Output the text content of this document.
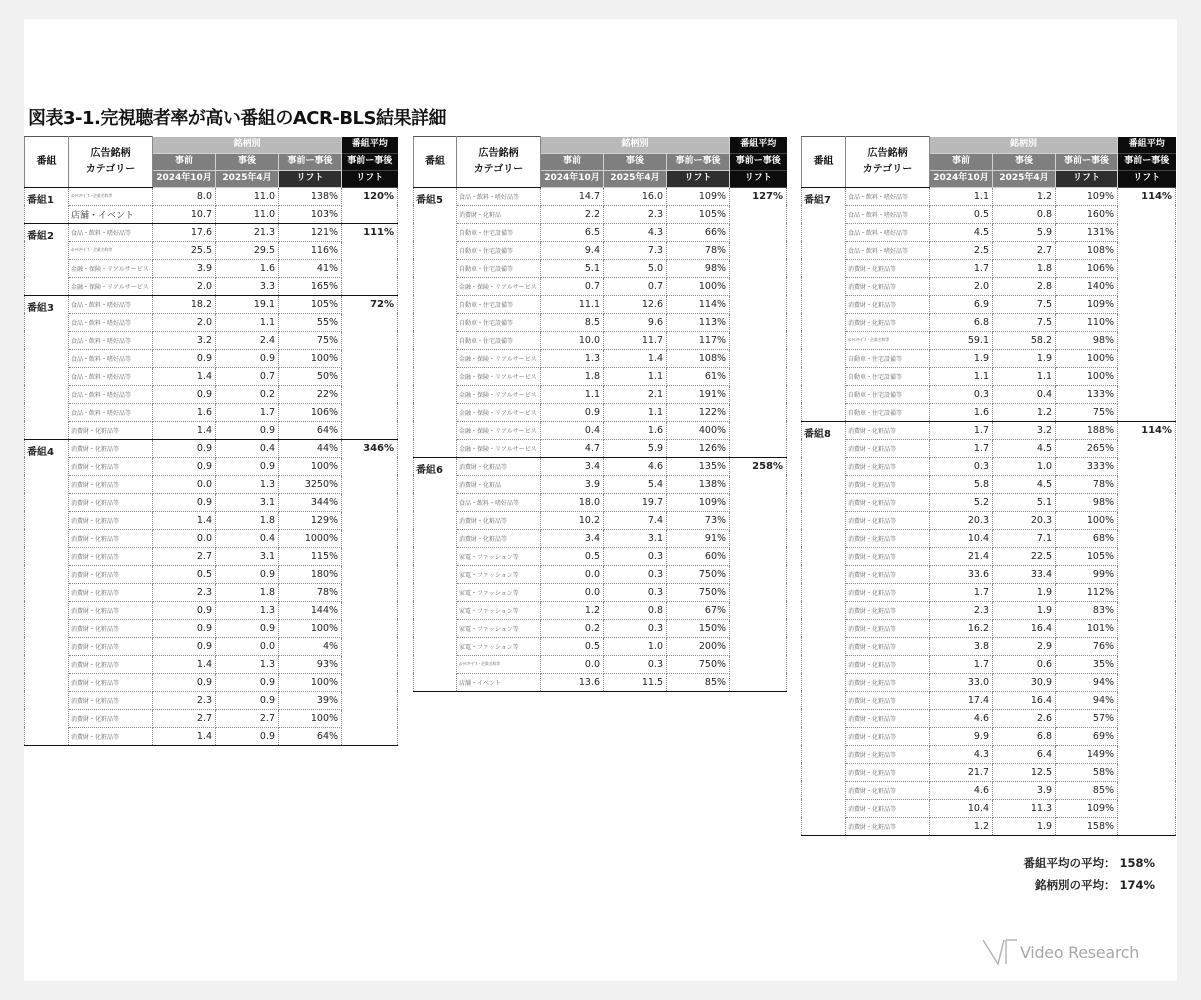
図表3-1.完視聴者率が高い番組のACR-BLS結果詳細
番組	広告銘柄
カテゴリー	銘柄別			番組平均
		事前	事後	事前ー事後	事前ー事後
		2024年10月	2025年4月	リフト	リフト
番組1	ｵﾝﾗｲﾝｻｰﾋﾞｽ・企業名称等	8.0	11.0	138%	120%
	店舗・イベント	10.7	11.0	103%	
番組2	食品・飲料・嗜好品等	17.6	21.3	121%	111%
	ｵﾝﾗｲﾝｻｰﾋﾞｽ・企業名称等	25.5	29.5	116%	
	金融・保険・リアルサービス	3.9	1.6	41%	
	金融・保険・リアルサービス	2.0	3.3	165%	
番組3	食品・飲料・嗜好品等	18.2	19.1	105%	72%
	食品・飲料・嗜好品等	2.0	1.1	55%	
	食品・飲料・嗜好品等	3.2	2.4	75%	
	食品・飲料・嗜好品等	0.9	0.9	100%	
	食品・飲料・嗜好品等	1.4	0.7	50%	
	食品・飲料・嗜好品等	0.9	0.2	22%	
	食品・飲料・嗜好品等	1.6	1.7	106%	
	消費財・化粧品等	1.4	0.9	64%	
番組4	消費財・化粧品等	0.9	0.4	44%	346%
	消費財・化粧品等	0.9	0.9	100%	
	消費財・化粧品等	0.0	1.3	3250%	
	消費財・化粧品等	0.9	3.1	344%	
	消費財・化粧品等	1.4	1.8	129%	
	消費財・化粧品等	0.0	0.4	1000%	
	消費財・化粧品等	2.7	3.1	115%	
	消費財・化粧品等	0.5	0.9	180%	
	消費財・化粧品等	2.3	1.8	78%	
	消費財・化粧品等	0.9	1.3	144%	
	消費財・化粧品等	0.9	0.9	100%	
	消費財・化粧品等	0.9	0.0	4%	
	消費財・化粧品等	1.4	1.3	93%	
	消費財・化粧品等	0.9	0.9	100%	
	消費財・化粧品等	2.3	0.9	39%	
	消費財・化粧品等	2.7	2.7	100%	
	消費財・化粧品等	1.4	0.9	64%	
番組	広告銘柄
カテゴリー	銘柄別			番組平均
		事前	事後	事前ー事後	事前ー事後
		2024年10月	2025年4月	リフト	リフト
番組5	食品・飲料・嗜好品等	14.7	16.0	109%	127%
	消費財・化粧品	2.2	2.3	105%	
	自動車・住宅設備等	6.5	4.3	66%	
	自動車・住宅設備等	9.4	7.3	78%	
	自動車・住宅設備等	5.1	5.0	98%	
	金融・保険・リアルサービス	0.7	0.7	100%	
	自動車・住宅設備等	11.1	12.6	114%	
	自動車・住宅設備等	8.5	9.6	113%	
	自動車・住宅設備等	10.0	11.7	117%	
	金融・保険・リアルサービス	1.3	1.4	108%	
	金融・保険・リアルサービス	1.8	1.1	61%	
	金融・保険・リアルサービス	1.1	2.1	191%	
	金融・保険・リアルサービス	0.9	1.1	122%	
	金融・保険・リアルサービス	0.4	1.6	400%	
	金融・保険・リアルサービス	4.7	5.9	126%	
番組6	消費財・化粧品等	3.4	4.6	135%	258%
	消費財・化粧品	3.9	5.4	138%	
	食品・飲料・嗜好品等	18.0	19.7	109%	
	消費財・化粧品等	10.2	7.4	73%	
	消費財・化粧品等	3.4	3.1	91%	
	家電・ファッション等	0.5	0.3	60%	
	家電・ファッション等	0.0	0.3	750%	
	家電・ファッション等	0.0	0.3	750%	
	家電・ファッション等	1.2	0.8	67%	
	家電・ファッション等	0.2	0.3	150%	
	家電・ファッション等	0.5	1.0	200%	
	ｵﾝﾗｲﾝｻｰﾋﾞｽ・企業名称等	0.0	0.3	750%	
	店舗・イベント	13.6	11.5	85%	
番組	広告銘柄
カテゴリー	銘柄別			番組平均
		事前	事後	事前ー事後	事前ー事後
		2024年10月	2025年4月	リフト	リフト
番組7	食品・飲料・嗜好品等	1.1	1.2	109%	114%
	食品・飲料・嗜好品等	0.5	0.8	160%	
	食品・飲料・嗜好品等	4.5	5.9	131%	
	食品・飲料・嗜好品等	2.5	2.7	108%	
	消費財・化粧品等	1.7	1.8	106%	
	消費財・化粧品等	2.0	2.8	140%	
	消費財・化粧品等	6.9	7.5	109%	
	消費財・化粧品等	6.8	7.5	110%	
	ｵﾝﾗｲﾝｻｰﾋﾞｽ・企業名称等	59.1	58.2	98%	
	自動車・住宅設備等	1.9	1.9	100%	
	自動車・住宅設備等	1.1	1.1	100%	
	自動車・住宅設備等	0.3	0.4	133%	
	自動車・住宅設備等	1.6	1.2	75%	
番組8	消費財・化粧品等	1.7	3.2	188%	114%
	消費財・化粧品等	1.7	4.5	265%	
	消費財・化粧品等	0.3	1.0	333%	
	消費財・化粧品等	5.8	4.5	78%	
	消費財・化粧品等	5.2	5.1	98%	
	消費財・化粧品等	20.3	20.3	100%	
	消費財・化粧品等	10.4	7.1	68%	
	消費財・化粧品等	21.4	22.5	105%	
	消費財・化粧品等	33.6	33.4	99%	
	消費財・化粧品等	1.7	1.9	112%	
	消費財・化粧品等	2.3	1.9	83%	
	消費財・化粧品等	16.2	16.4	101%	
	消費財・化粧品等	3.8	2.9	76%	
	消費財・化粧品等	1.7	0.6	35%	
	消費財・化粧品等	33.0	30.9	94%	
	消費財・化粧品等	17.4	16.4	94%	
	消費財・化粧品等	4.6	2.6	57%	
	消費財・化粧品等	9.9	6.8	69%	
	消費財・化粧品等	4.3	6.4	149%	
	消費財・化粧品等	21.7	12.5	58%	
	消費財・化粧品等	4.6	3.9	85%	
	消費財・化粧品等	10.4	11.3	109%	
	消費財・化粧品等	1.2	1.9	158%	
番組平均の平均： 158%
銘柄別の平均： 174%
Video Research
